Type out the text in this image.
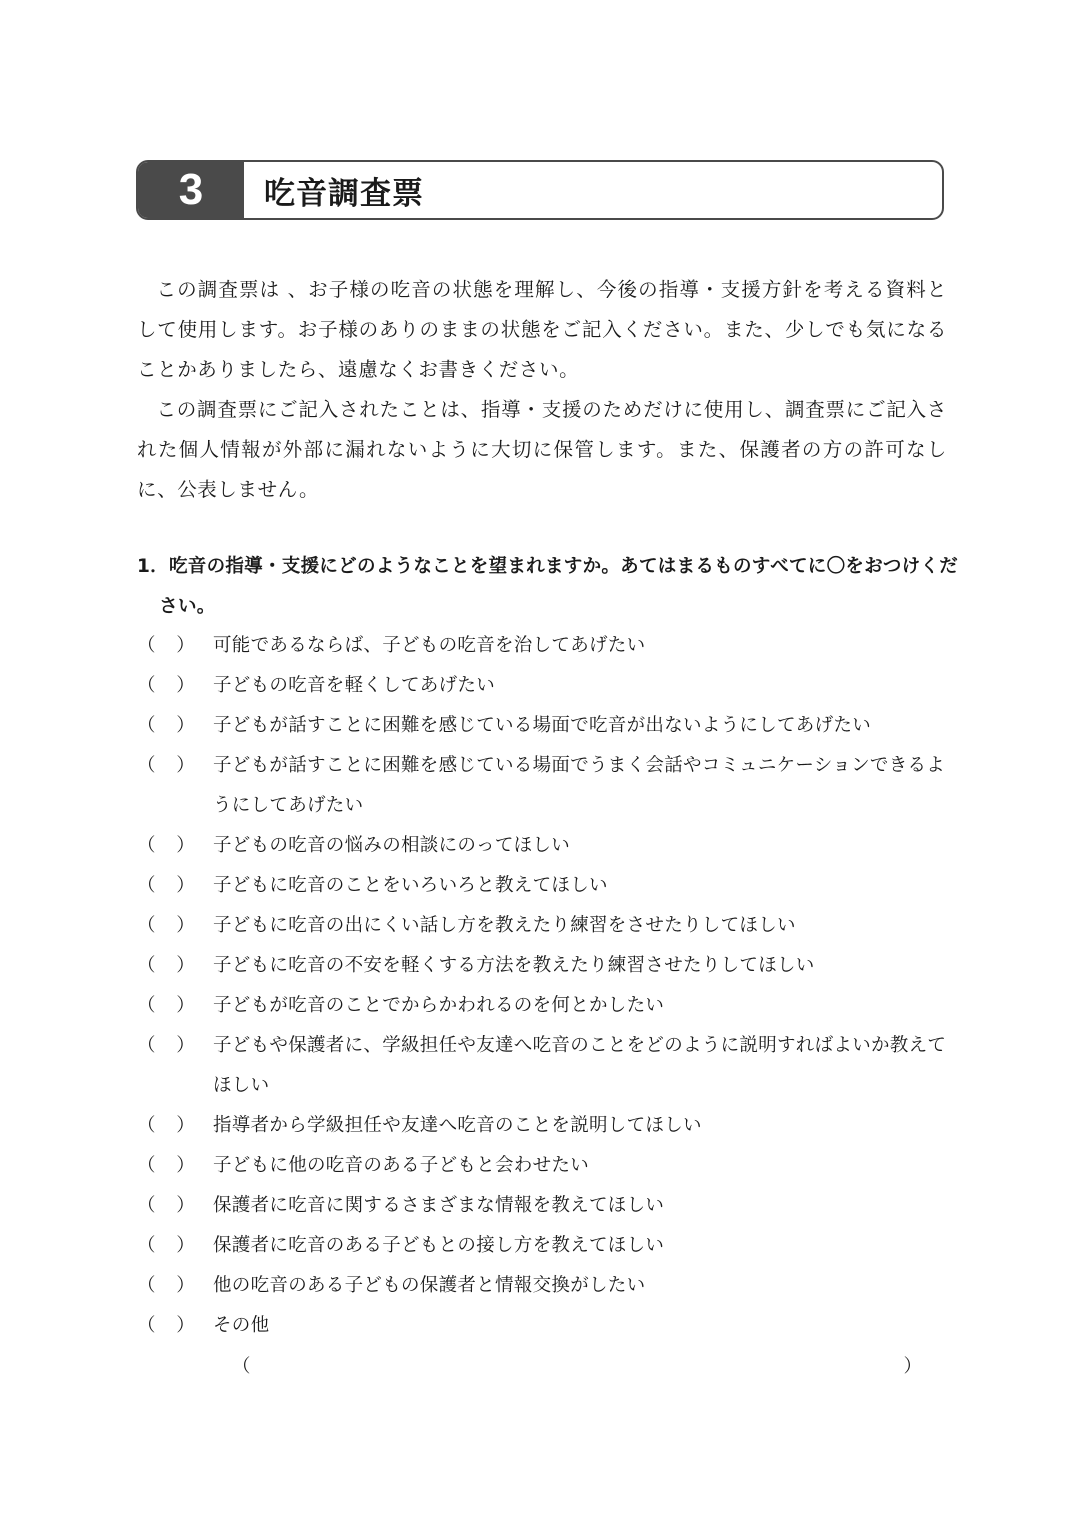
3	吃音調査票

この調査票は 、お子様の吃音の状態を理解し、今後の指導・支援方針を考える資料として使用します。お子様のありのままの状態をご記入ください。また、少しでも気になることかありましたら、遠慮なくお書きください。

この調査票にご記入されたことは、指導・支援のためだけに使用し、調査票にご記入された個人情報が外部に漏れないように大切に保管します。また、保護者の方の許可なしに、公表しません。

1．吃音の指導・支援にどのようなことを望まれますか。あてはまるものすべてに〇をおつけください。
（ ） 可能であるならば、子どもの吃音を治してあげたい
（ ） 子どもの吃音を軽くしてあげたい
（ ） 子どもが話すことに困難を感じている場面で吃音が出ないようにしてあげたい
（ ） 子どもが話すことに困難を感じている場面でうまく会話やコミュニケーションできるようにしてあげたい
（ ） 子どもの吃音の悩みの相談にのってほしい
（ ） 子どもに吃音のことをいろいろと教えてほしい
（ ） 子どもに吃音の出にくい話し方を教えたり練習をさせたりしてほしい
（ ） 子どもに吃音の不安を軽くする方法を教えたり練習させたりしてほしい
（ ） 子どもが吃音のことでからかわれるのを何とかしたい
（ ） 子どもや保護者に、学級担任や友達へ吃音のことをどのように説明すればよいか教えてほしい
（ ） 指導者から学級担任や友達へ吃音のことを説明してほしい
（ ） 子どもに他の吃音のある子どもと会わせたい
（ ） 保護者に吃音に関するさまざまな情報を教えてほしい
（ ） 保護者に吃音のある子どもとの接し方を教えてほしい
（ ） 他の吃音のある子どもの保護者と情報交換がしたい
（ ） その他
（	）
